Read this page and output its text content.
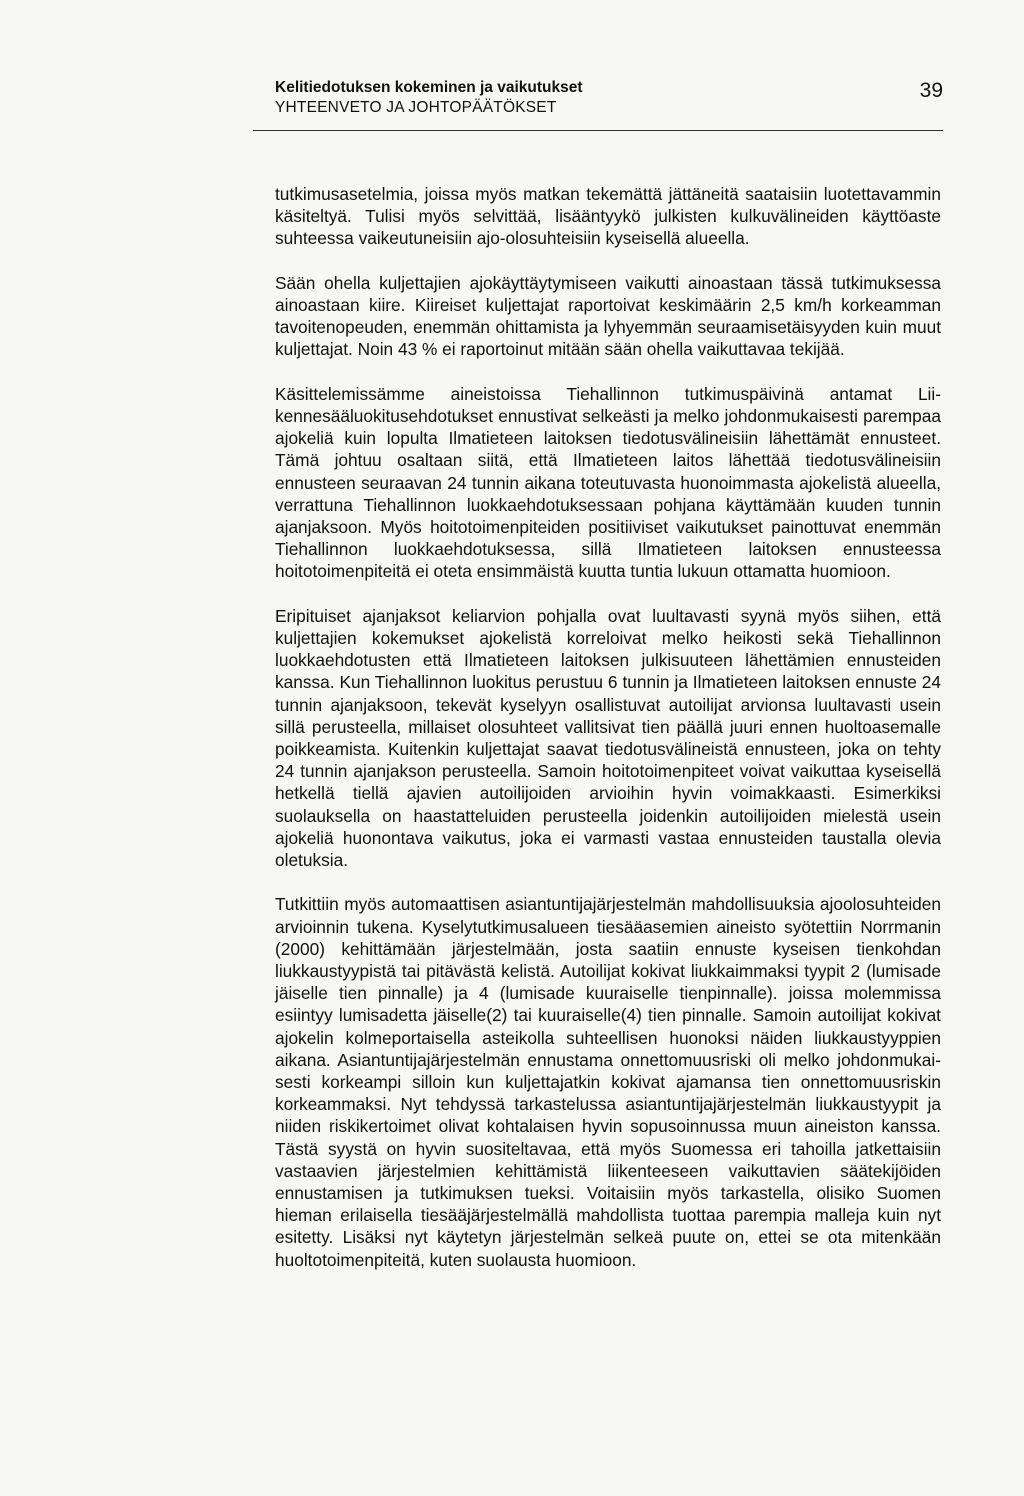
Kelitiedotuksen kokeminen ja vaikutukset
YHTEENVETO JA JOHTOPÄÄTÖKSET
39

tutkimusasetelmia, joissa myös matkan tekemättä jättäneitä saataisiin luotettavammin käsiteltyä. Tulisi myös selvittää, lisääntyykö julkisten kulkuvälineiden käyttöaste suhteessa vaikeutuneisiin ajo-olosuhteisiin kyseisellä alueella.

Sään ohella kuljettajien ajokäyttäytymiseen vaikutti ainoastaan tässä tutkimuksessa ainoastaan kiire. Kiireiset kuljettajat raportoivat keskimäärin 2,5 km/h korkeamman tavoitenopeuden, enemmän ohittamista ja lyhyemmän seuraamisetäisyyden kuin muut kuljettajat. Noin 43 % ei raportoinut mitään sään ohella vaikuttavaa tekijää.

Käsittelemissämme aineistoissa Tiehallinnon tutkimuspäivinä antamat Liikennesääluokitusehdotukset ennustivat selkeästi ja melko johdonmukaisesti parempaa ajokeliä kuin lopulta Ilmatieteen laitoksen tiedotusvälineisiin lähettämät ennusteet. Tämä johtuu osaltaan siitä, että Ilmatieteen laitos lähettää tiedotusvälineisiin ennusteen seuraavan 24 tunnin aikana toteutuvasta huonoimmasta ajokelistä alueella, verrattuna Tiehallinnon luokkaehdotuksessaan pohjana käyttämään kuuden tunnin ajanjaksoon. Myös hoitotoimenpiteiden positiiviset vaikutukset painottuvat enemmän Tiehallinnon luokkaehdotuksessa, sillä Ilmatieteen laitoksen ennusteessa hoitotoimenpiteitä ei oteta ensimmäistä kuutta tuntia lukuun ottamatta huomioon.

Eripituiset ajanjaksot keliarvion pohjalla ovat luultavasti syynä myös siihen, että kuljettajien kokemukset ajokelistä korreloivat melko heikosti sekä Tiehallinnon luokkaehdotusten että Ilmatieteen laitoksen julkisuuteen lähettämien ennusteiden kanssa. Kun Tiehallinnon luokitus perustuu 6 tunnin ja Ilmatieteen laitoksen ennuste 24 tunnin ajanjaksoon, tekevät kyselyyn osallistuvat autoilijat arvionsa luultavasti usein sillä perusteella, millaiset olosuhteet vallitsivat tien päällä juuri ennen huoltoasemalle poikkeamista. Kuitenkin kuljettajat saavat tiedotusvälineistä ennusteen, joka on tehty 24 tunnin ajanjakson perusteella. Samoin hoitotoimenpiteet voivat vaikuttaa kyseisellä hetkellä tiellä ajavien autoilijoiden arvioihin hyvin voimakkaasti. Esimerkiksi suolauksella on haastatteluiden perusteella joidenkin autoilijoiden mielestä usein ajokeliä huonontava vaikutus, joka ei varmasti vastaa ennusteiden taustalla olevia oletuksia.

Tutkittiin myös automaattisen asiantuntijajärjestelmän mahdollisuuksia ajoolosuhteiden arvioinnin tukena. Kyselytutkimusalueen tiesääasemien aineisto syötettiin Norrmanin (2000) kehittämään järjestelmään, josta saatiin ennuste kyseisen tienkohdan liukkaustyypistä tai pitävästä kelistä. Autoilijat kokivat liukkaimmaksi tyypit 2 (lumisade jäiselle tien pinnalle) ja 4 (lumisade kuuraiselle tienpinnalle). joissa molemmissa esiintyy lumisadetta jäiselle(2) tai kuuraiselle(4) tien pinnalle. Samoin autoilijat kokivat ajokelin kolmeportaisella asteikolla suhteellisen huonoksi näiden liukkaustyyppien aikana. Asiantuntijajärjestelmän ennustama onnettomuusriski oli melko johdonmukaisesti korkeampi silloin kun kuljettajatkin kokivat ajamansa tien onnettomuusriskin korkeammaksi. Nyt tehdyssä tarkastelussa asiantuntijajärjestelmän liukkaustyypit ja niiden riskikertoimet olivat kohtalaisen hyvin sopusoinnussa muun aineiston kanssa. Tästä syystä on hyvin suositeltavaa, että myös Suomessa eri tahoilla jatkettaisiin vastaavien järjestelmien kehittämistä liikenteeseen vaikuttavien säätekijöiden ennustamisen ja tutkimuksen tueksi. Voitaisiin myös tarkastella, olisiko Suomen hieman erilaisella tiesääjärjestelmällä mahdollista tuottaa parempia malleja kuin nyt esitetty. Lisäksi nyt käytetyn järjestelmän selkeä puute on, ettei se ota mitenkään huoltotoimenpiteitä, kuten suolausta huomioon.
